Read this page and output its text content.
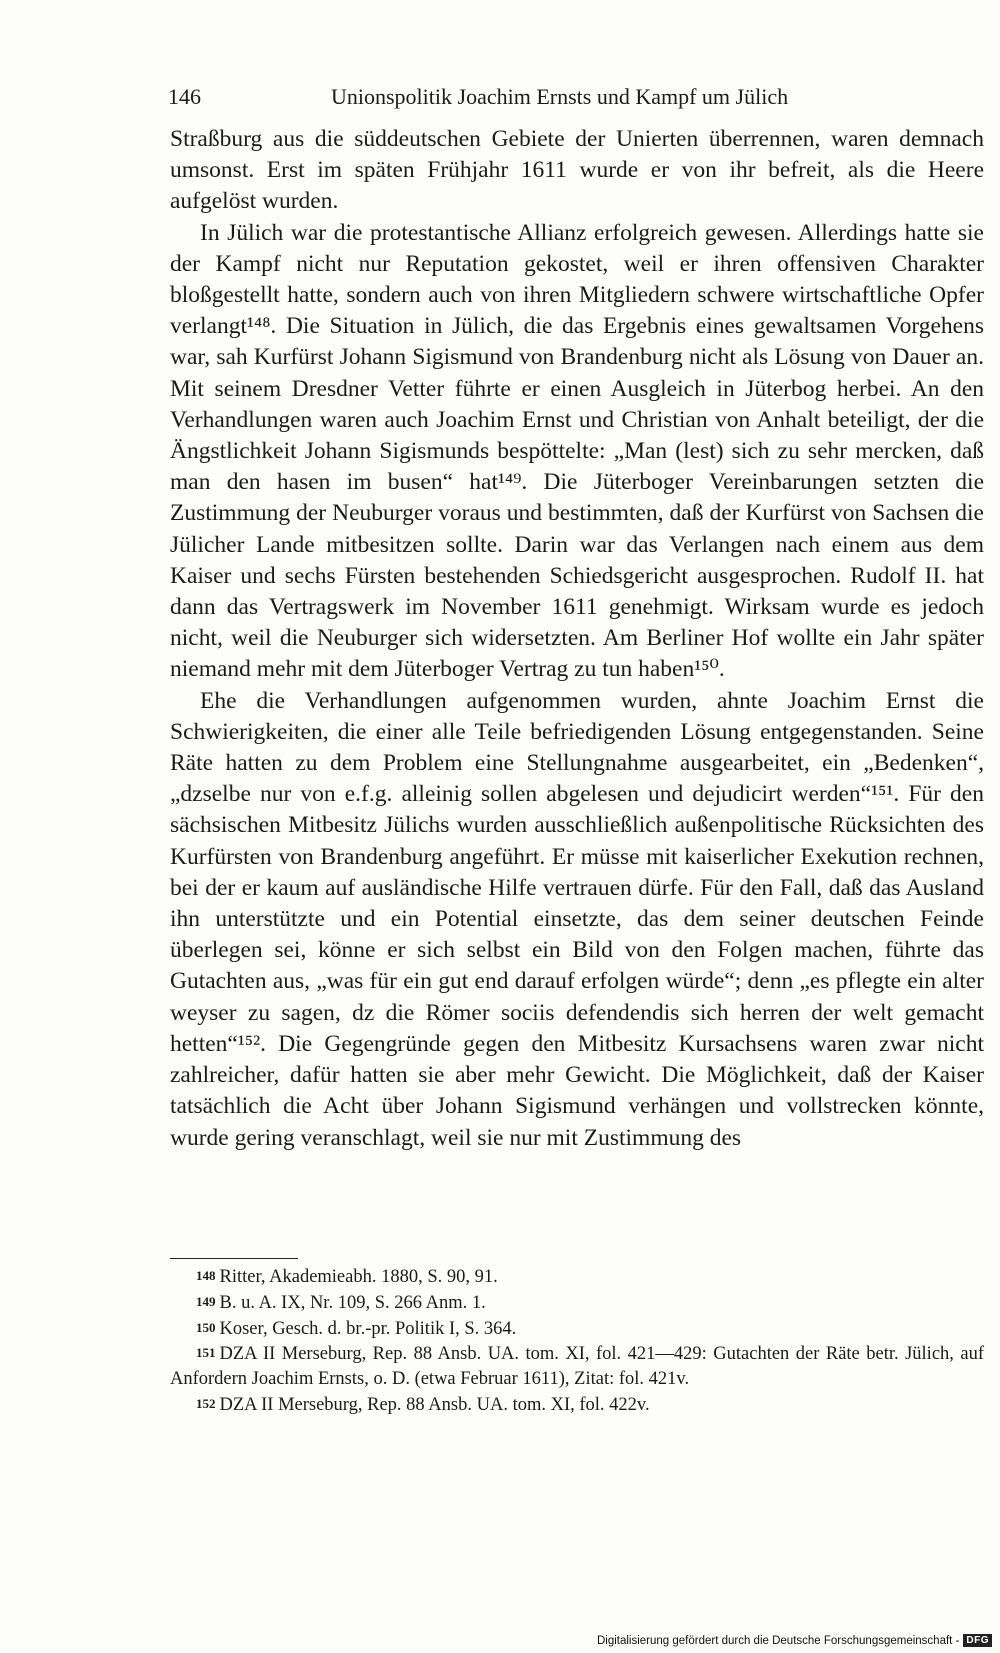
146	Unionspolitik Joachim Ernsts und Kampf um Jülich

Straßburg aus die süddeutschen Gebiete der Unierten überrennen, waren demnach umsonst. Erst im späten Frühjahr 1611 wurde er von ihr befreit, als die Heere aufgelöst wurden.

In Jülich war die protestantische Allianz erfolgreich gewesen. Allerdings hatte sie der Kampf nicht nur Reputation gekostet, weil er ihren offensiven Charakter bloßgestellt hatte, sondern auch von ihren Mitgliedern schwere wirtschaftliche Opfer verlangt¹⁴⁸. Die Situation in Jülich, die das Ergebnis eines gewaltsamen Vorgehens war, sah Kurfürst Johann Sigismund von Brandenburg nicht als Lösung von Dauer an. Mit seinem Dresdner Vetter führte er einen Ausgleich in Jüterbog herbei. An den Verhandlungen waren auch Joachim Ernst und Christian von Anhalt beteiligt, der die Ängstlichkeit Johann Sigismunds bespöttelte: „Man (lest) sich zu sehr mercken, daß man den hasen im busen“ hat¹⁴⁹. Die Jüterboger Vereinbarungen setzten die Zustimmung der Neuburger voraus und bestimmten, daß der Kurfürst von Sachsen die Jülicher Lande mitbesitzen sollte. Darin war das Verlangen nach einem aus dem Kaiser und sechs Fürsten bestehenden Schiedsgericht ausgesprochen. Rudolf II. hat dann das Vertragswerk im November 1611 genehmigt. Wirksam wurde es jedoch nicht, weil die Neuburger sich widersetzten. Am Berliner Hof wollte ein Jahr später niemand mehr mit dem Jüterboger Vertrag zu tun haben¹⁵⁰.

Ehe die Verhandlungen aufgenommen wurden, ahnte Joachim Ernst die Schwierigkeiten, die einer alle Teile befriedigenden Lösung entgegenstanden. Seine Räte hatten zu dem Problem eine Stellungnahme ausgearbeitet, ein „Bedenken“, „dzselbe nur von e.f.g. alleinig sollen abgelesen und dejudicirt werden“¹⁵¹. Für den sächsischen Mitbesitz Jülichs wurden ausschließlich außenpolitische Rücksichten des Kurfürsten von Brandenburg angeführt. Er müsse mit kaiserlicher Exekution rechnen, bei der er kaum auf ausländische Hilfe vertrauen dürfe. Für den Fall, daß das Ausland ihn unterstützte und ein Potential einsetzte, das dem seiner deutschen Feinde überlegen sei, könne er sich selbst ein Bild von den Folgen machen, führte das Gutachten aus, „was für ein gut end darauf erfolgen würde“; denn „es pflegte ein alter weyser zu sagen, dz die Römer sociis defendendis sich herren der welt gemacht hetten“¹⁵². Die Gegengründe gegen den Mitbesitz Kursachsens waren zwar nicht zahlreicher, dafür hatten sie aber mehr Gewicht. Die Möglichkeit, daß der Kaiser tatsächlich die Acht über Johann Sigismund verhängen und vollstrecken könnte, wurde gering veranschlagt, weil sie nur mit Zustimmung des

148 Ritter, Akademieabh. 1880, S. 90, 91.

149 B. u. A. IX, Nr. 109, S. 266 Anm. 1.

150 Koser, Gesch. d. br.-pr. Politik I, S. 364.

151 DZA II Merseburg, Rep. 88 Ansb. UA. tom. XI, fol. 421—429: Gutachten der Räte betr. Jülich, auf Anfordern Joachim Ernsts, o. D. (etwa Februar 1611), Zitat: fol. 421v.

152 DZA II Merseburg, Rep. 88 Ansb. UA. tom. XI, fol. 422v.

Digitalisierung gefördert durch die Deutsche Forschungsgemeinschaft - DFG
